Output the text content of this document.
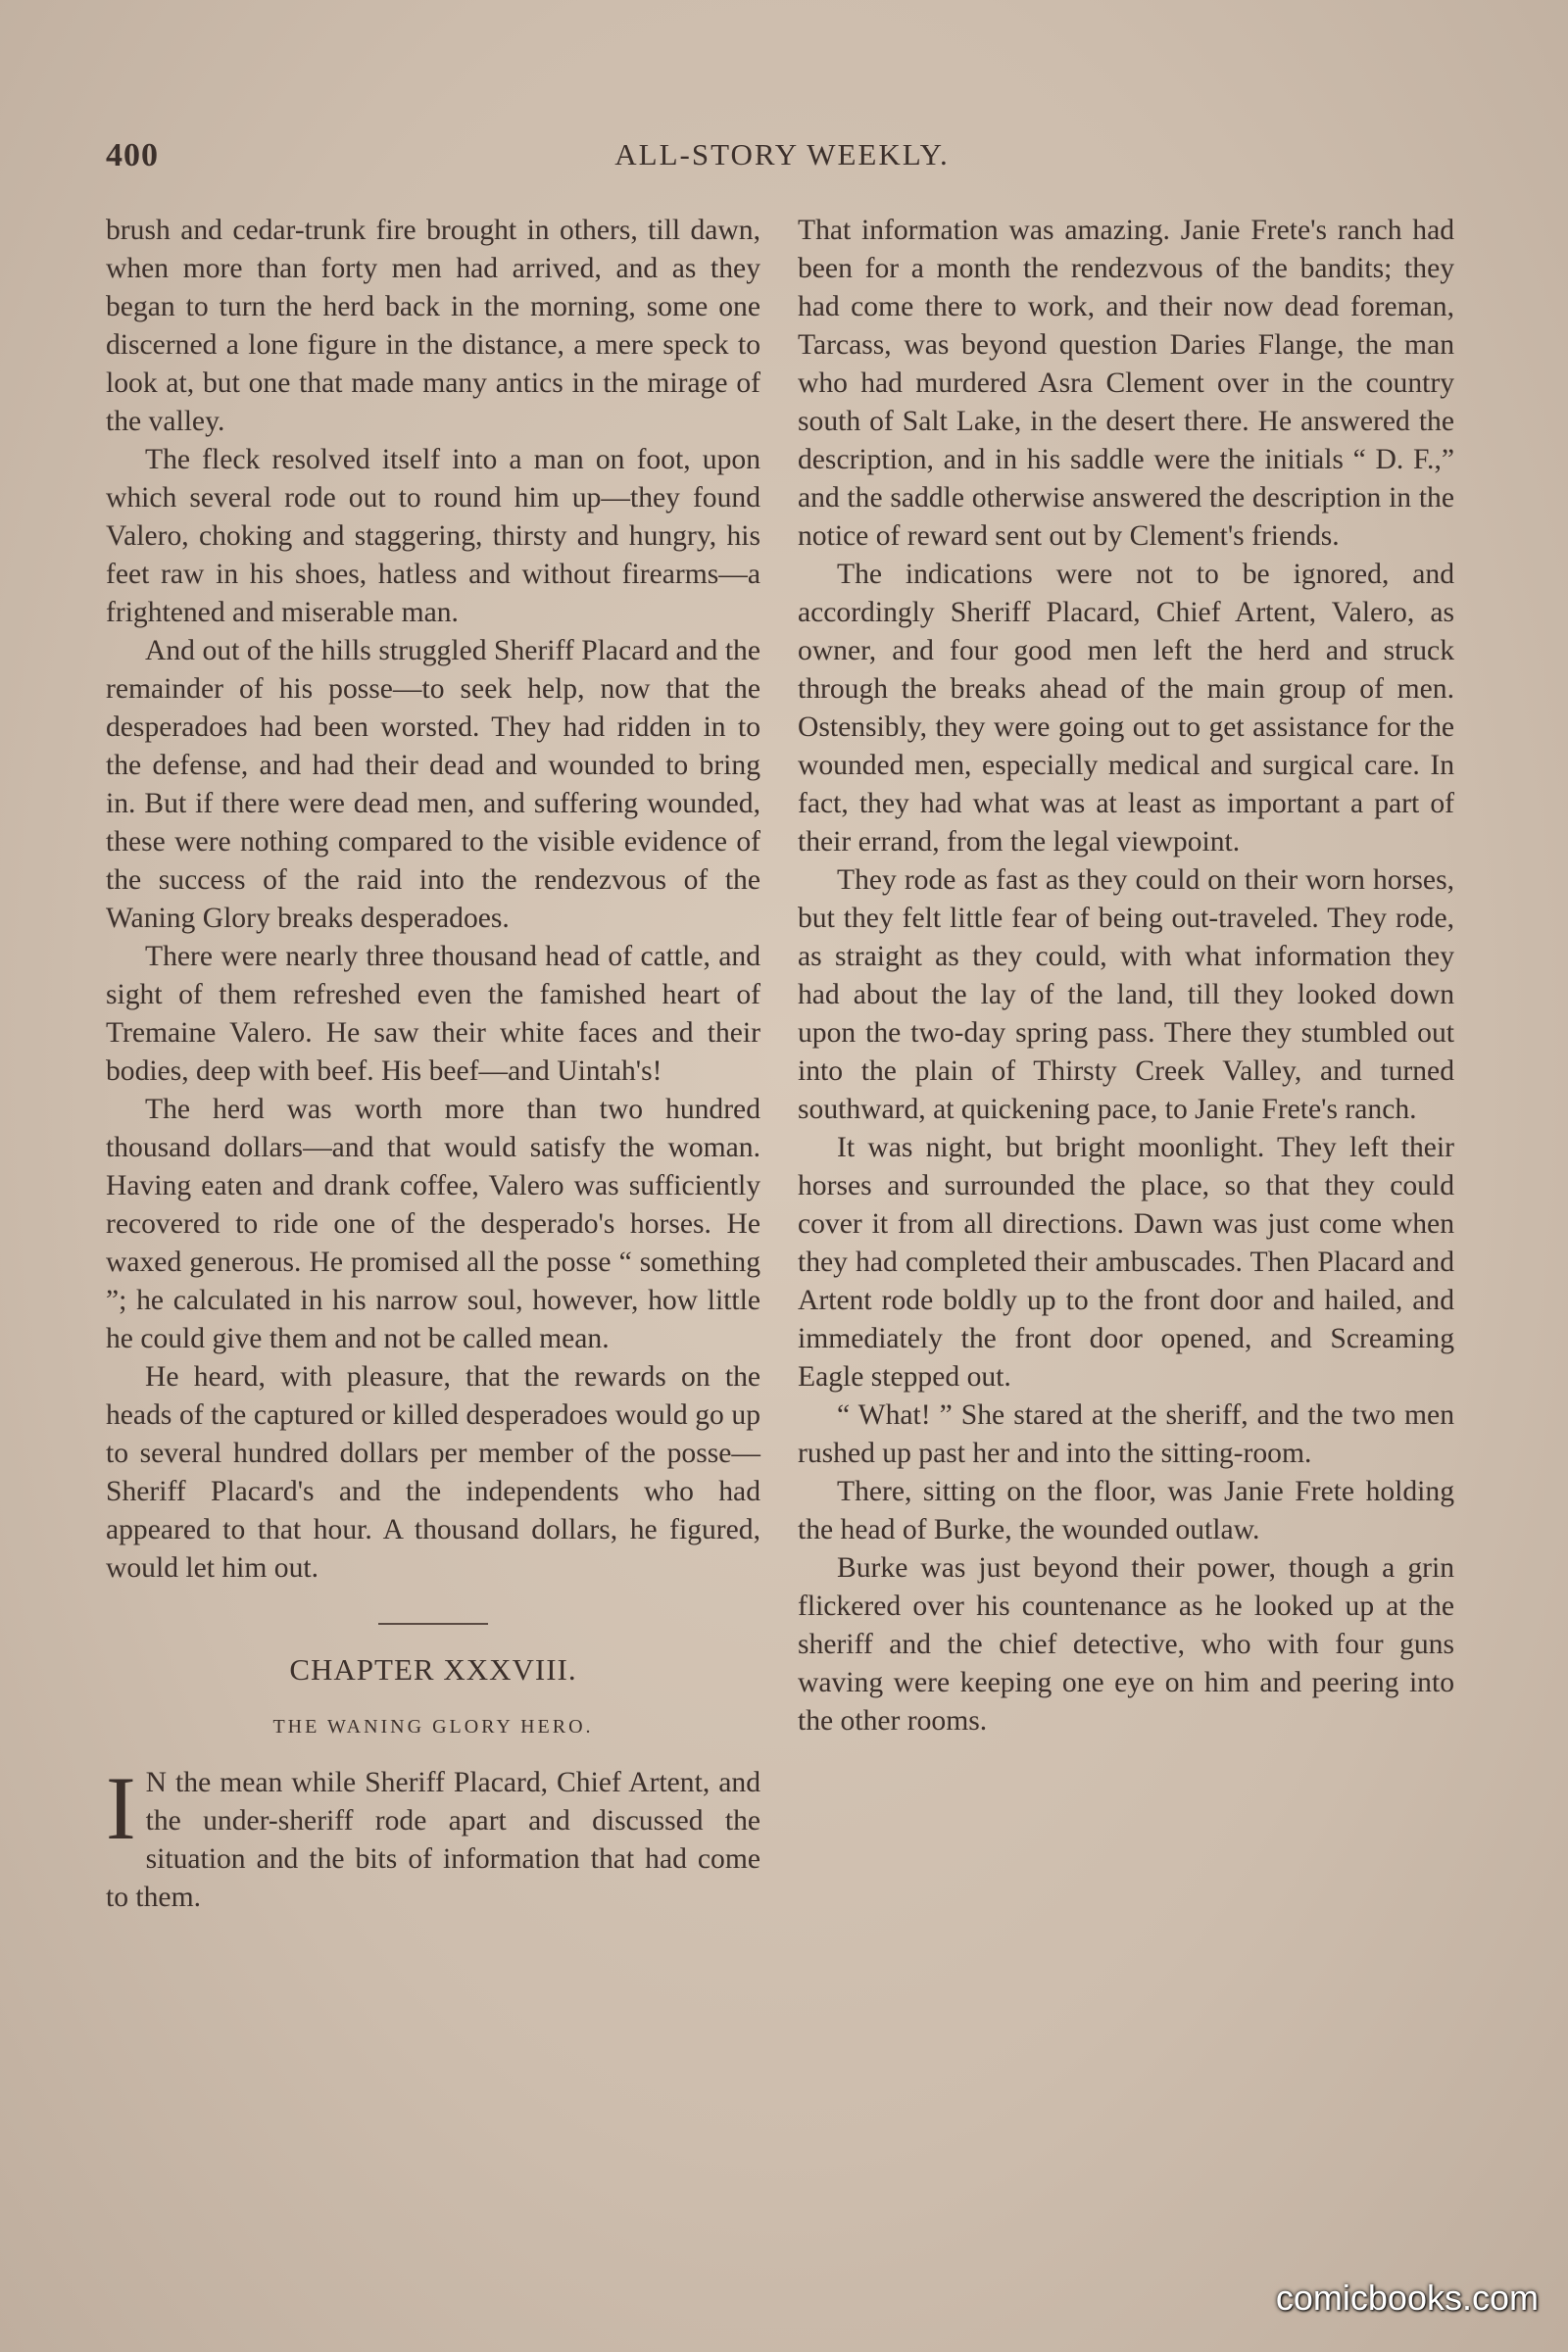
400	ALL-STORY WEEKLY.

brush and cedar-trunk fire brought in others, till dawn, when more than forty men had arrived, and as they began to turn the herd back in the morning, some one discerned a lone figure in the distance, a mere speck to look at, but one that made many antics in the mirage of the valley.

The fleck resolved itself into a man on foot, upon which several rode out to round him up—they found Valero, choking and staggering, thirsty and hungry, his feet raw in his shoes, hatless and without firearms—a frightened and miserable man.

And out of the hills struggled Sheriff Placard and the remainder of his posse—to seek help, now that the desperadoes had been worsted. They had ridden in to the defense, and had their dead and wounded to bring in. But if there were dead men, and suffering wounded, these were nothing compared to the visible evidence of the success of the raid into the rendezvous of the Waning Glory breaks desperadoes.

There were nearly three thousand head of cattle, and sight of them refreshed even the famished heart of Tremaine Valero. He saw their white faces and their bodies, deep with beef. His beef—and Uintah's!

The herd was worth more than two hundred thousand dollars—and that would satisfy the woman. Having eaten and drank coffee, Valero was sufficiently recovered to ride one of the desperado's horses. He waxed generous. He promised all the posse “ something ”; he calculated in his narrow soul, however, how little he could give them and not be called mean.

He heard, with pleasure, that the rewards on the heads of the captured or killed desperadoes would go up to several hundred dollars per member of the posse—Sheriff Placard's and the independents who had appeared to that hour. A thousand dollars, he figured, would let him out.

CHAPTER XXXVIII.
THE WANING GLORY HERO.

I N the mean while Sheriff Placard, Chief Artent, and the under-sheriff rode apart and discussed the situation and the bits of information that had come to them.

That information was amazing. Janie Frete's ranch had been for a month the rendezvous of the bandits; they had come there to work, and their now dead foreman, Tarcass, was beyond question Daries Flange, the man who had murdered Asra Clement over in the country south of Salt Lake, in the desert there. He answered the description, and in his saddle were the initials “ D. F.,” and the saddle otherwise answered the description in the notice of reward sent out by Clement's friends.

The indications were not to be ignored, and accordingly Sheriff Placard, Chief Artent, Valero, as owner, and four good men left the herd and struck through the breaks ahead of the main group of men. Ostensibly, they were going out to get assistance for the wounded men, especially medical and surgical care. In fact, they had what was at least as important a part of their errand, from the legal viewpoint.

They rode as fast as they could on their worn horses, but they felt little fear of being out-traveled. They rode, as straight as they could, with what information they had about the lay of the land, till they looked down upon the two-day spring pass. There they stumbled out into the plain of Thirsty Creek Valley, and turned southward, at quickening pace, to Janie Frete's ranch.

It was night, but bright moonlight. They left their horses and surrounded the place, so that they could cover it from all directions. Dawn was just come when they had completed their ambuscades. Then Placard and Artent rode boldly up to the front door and hailed, and immediately the front door opened, and Screaming Eagle stepped out.

“ What! ” She stared at the sheriff, and the two men rushed up past her and into the sitting-room.

There, sitting on the floor, was Janie Frete holding the head of Burke, the wounded outlaw.

Burke was just beyond their power, though a grin flickered over his countenance as he looked up at the sheriff and the chief detective, who with four guns waving were keeping one eye on him and peering into the other rooms.

comicbooks.com
